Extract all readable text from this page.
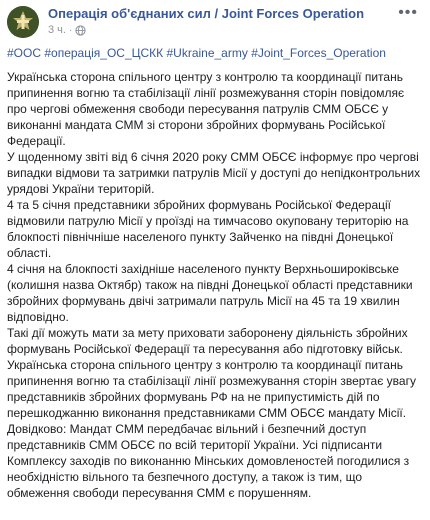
Операція об'єднаних сил / Joint Forces Operation
3 ч. ·
•••
#ООС #операція_ОС_ЦСКК #Ukraine_army #Joint_Forces_Operation

Українська сторона спільного центру з контролю та координації питань припинення вогню та стабілізації лінії розмежування сторін повідомляє про чергові обмеження свободи пересування патрулів СММ ОБСЄ у виконанні мандата СММ зі сторони збройних формувань Російської Федерації.

У щоденному звіті від 6 січня 2020 року СММ ОБСЄ інформує про чергові випадки відмови та затримки патрулів Місії у доступі до непідконтрольних урядові України територій.

4 та 5 січня представники збройних формувань Російської Федерації відмовили патрулю Місії у проїзді на тимчасово окуповану територію на блокпості північніше населеного пункту Зайченко на півдні Донецької області.

4 січня на блокпості західніше населеного пункту Верхньошироківське (колишня назва Октябр) також на півдні Донецької області представники збройних формувань двічі затримали патруль Місії на 45 та 19 хвилин відповідно.

Такі дії можуть мати за мету приховати заборонену діяльність збройних формувань Російської Федерації та пересування або підготовку військ.

Українська сторона спільного центру з контролю та координації питань припинення вогню та стабілізації лінії розмежування сторін звертає увагу представників збройних формувань РФ на не припустимість дій по перешкоджанню виконання представниками СММ ОБСЄ мандату Місії.

Довідково: Мандат СММ передбачає вільний і безпечний доступ представників СММ ОБСЄ по всій території України. Усі підписанти Комплексу заходів по виконанню Мінських домовленостей погодилися з необхідністю вільного та безпечного доступу, а також із тим, що обмеження свободи пересування СММ є порушенням.
